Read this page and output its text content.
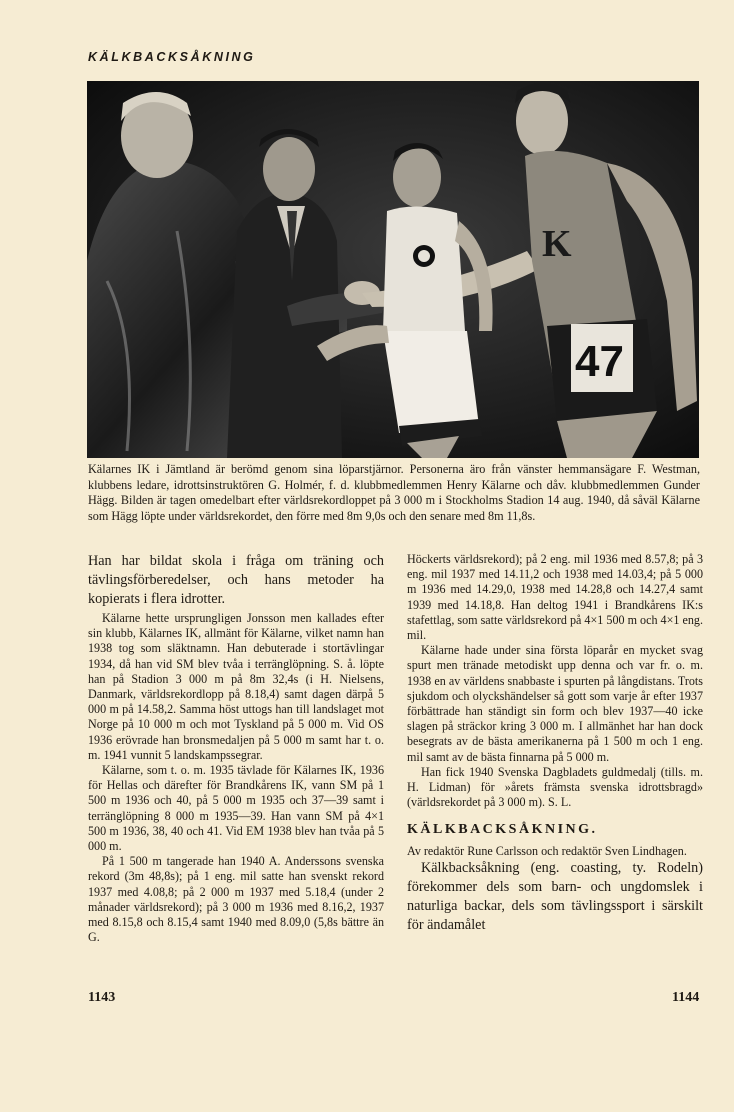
KÄLKBACKSÅKNING
K
47

Kälarnes IK i Jämtland är berömd genom sina löparstjärnor. Personerna äro från vänster hemmansägare F. Westman, klubbens ledare, idrottsinstruktören G. Holmér, f. d. klubbmedlemmen Henry Kälarne och dåv. klubbmedlemmen Gunder Hägg. Bilden är tagen omedelbart efter världsrekordloppet på 3 000 m i Stockholms Stadion 14 aug. 1940, då såväl Kälarne som Hägg löpte under världsrekordet, den förre med 8m 9,0s och den senare med 8m 11,8s.

Han har bildat skola i fråga om träning och tävlingsförberedelser, och hans metoder ha kopierats i flera idrotter.

Kälarne hette ursprungligen Jonsson men kallades efter sin klubb, Kälarnes IK, allmänt för Kälarne, vilket namn han 1938 tog som släktnamn. Han debuterade i stortävlingar 1934, då han vid SM blev tvåa i terränglöpning. S. å. löpte han på Stadion 3 000 m på 8m 32,4s (i H. Nielsens, Danmark, världsrekordlopp på 8.18,4) samt dagen därpå 5 000 m på 14.58,2. Samma höst uttogs han till landslaget mot Norge på 10 000 m och mot Tyskland på 5 000 m. Vid OS 1936 erövrade han bronsmedaljen på 5 000 m samt har t. o. m. 1941 vunnit 5 landskampssegrar.

Kälarne, som t. o. m. 1935 tävlade för Kälarnes IK, 1936 för Hellas och därefter för Brandkårens IK, vann SM på 1 500 m 1936 och 40, på 5 000 m 1935 och 37—39 samt i terränglöpning 8 000 m 1935—39. Han vann SM på 4×1 500 m 1936, 38, 40 och 41. Vid EM 1938 blev han tvåa på 5 000 m.

På 1 500 m tangerade han 1940 A. Anderssons svenska rekord (3m 48,8s); på 1 eng. mil satte han svenskt rekord 1937 med 4.08,8; på 2 000 m 1937 med 5.18,4 (under 2 månader världsrekord); på 3 000 m 1936 med 8.16,2, 1937 med 8.15,8 och 8.15,4 samt 1940 med 8.09,0 (5,8s bättre än G.

Höckerts världsrekord); på 2 eng. mil 1936 med 8.57,8; på 3 eng. mil 1937 med 14.11,2 och 1938 med 14.03,4; på 5 000 m 1936 med 14.29,0, 1938 med 14.28,8 och 14.27,4 samt 1939 med 14.18,8. Han deltog 1941 i Brandkårens IK:s stafettlag, som satte världsrekord på 4×1 500 m och 4×1 eng. mil.

Kälarne hade under sina första löparår en mycket svag spurt men tränade metodiskt upp denna och var fr. o. m. 1938 en av världens snabbaste i spurten på långdistans. Trots sjukdom och olyckshändelser så gott som varje år efter 1937 förbättrade han ständigt sin form och blev 1937—40 icke slagen på sträckor kring 3 000 m. I allmänhet har han dock besegrats av de bästa amerikanerna på 1 500 m och 1 eng. mil samt av de bästa finnarna på 5 000 m.

Han fick 1940 Svenska Dagbladets guldmedalj (tills. m. H. Lidman) för »årets främsta svenska idrottsbragd» (världsrekordet på 3 000 m). S. L.

KÄLKBACKSÅKNING.

Av redaktör Rune Carlsson och redaktör Sven Lindhagen.

Kälkbacksåkning (eng. coasting, ty. Rodeln) förekommer dels som barn- och ungdomslek i naturliga backar, dels som tävlingssport i särskilt för ändamålet

1143	1144
